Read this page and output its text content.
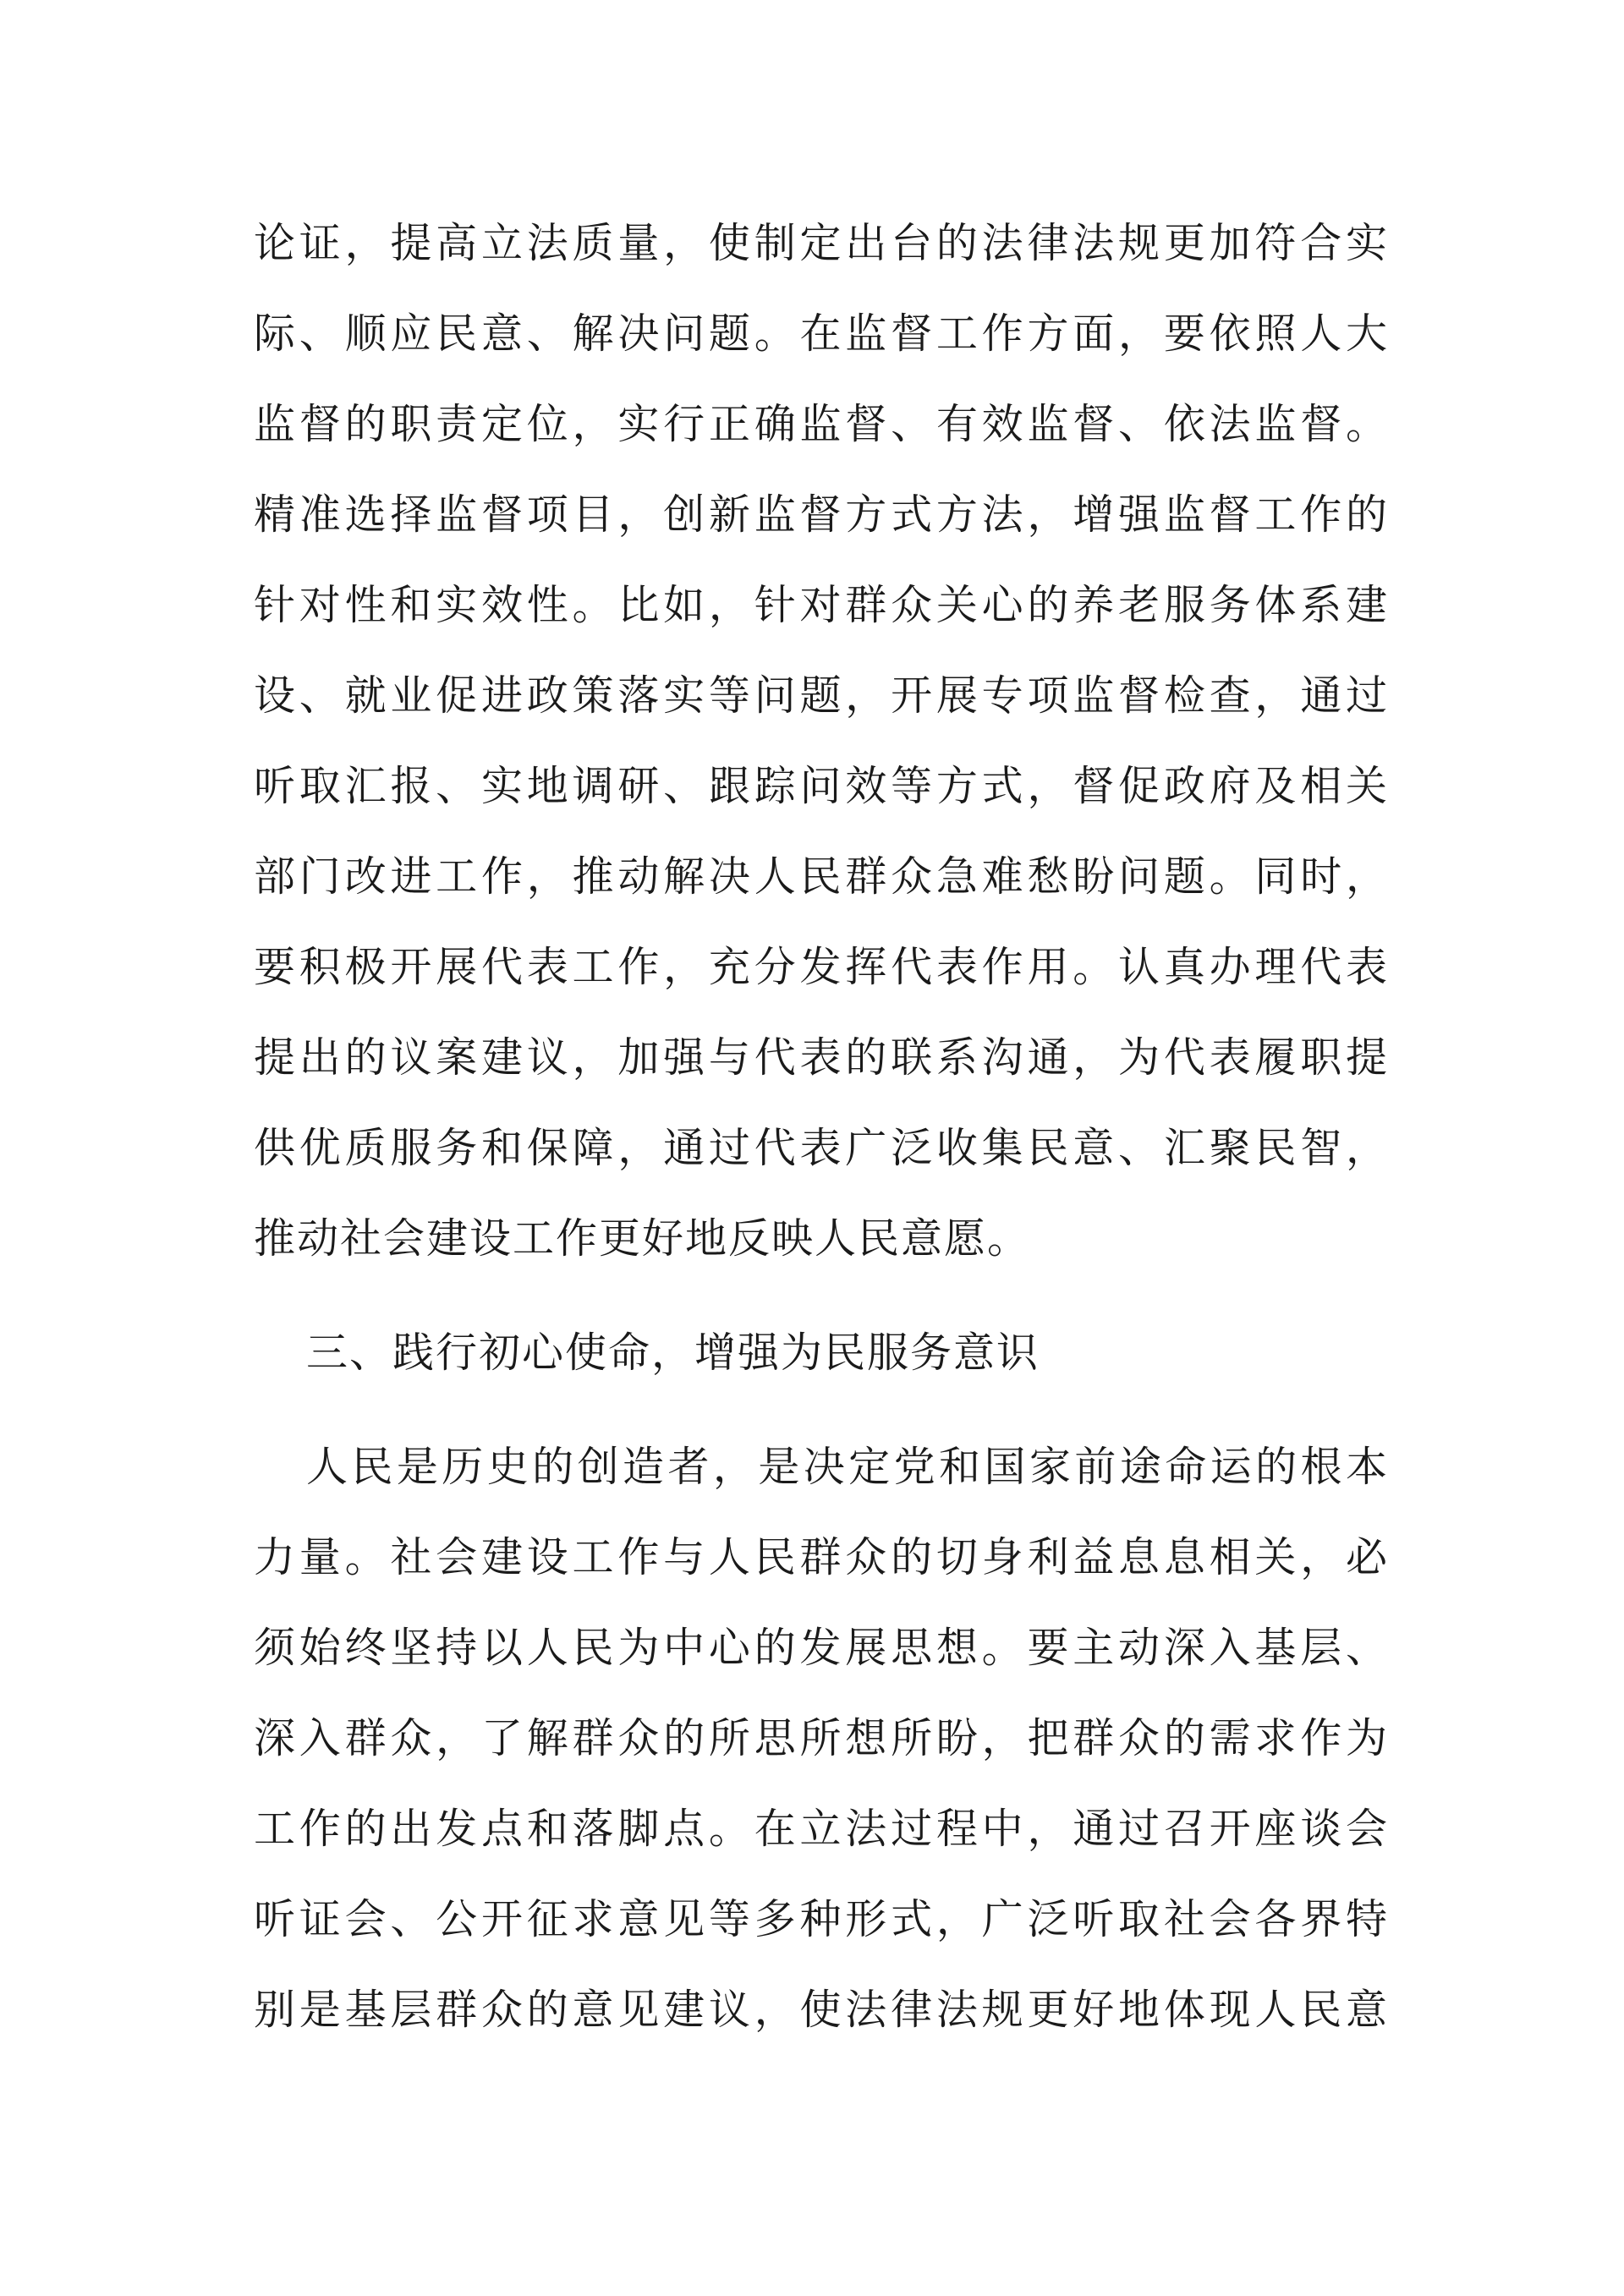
论证，提高立法质量，使制定出台的法律法规更加符合实
际、顺应民意、解决问题。在监督工作方面，要依照人大
监督的职责定位，实行正确监督、有效监督、依法监督。
精准选择监督项目，创新监督方式方法，增强监督工作的
针对性和实效性。比如，针对群众关心的养老服务体系建
设、就业促进政策落实等问题，开展专项监督检查，通过
听取汇报、实地调研、跟踪问效等方式，督促政府及相关
部门改进工作，推动解决人民群众急难愁盼问题。同时，
要积极开展代表工作，充分发挥代表作用。认真办理代表
提出的议案建议，加强与代表的联系沟通，为代表履职提
供优质服务和保障，通过代表广泛收集民意、汇聚民智，
推动社会建设工作更好地反映人民意愿。
三、践行初心使命，增强为民服务意识
人民是历史的创造者，是决定党和国家前途命运的根本
力量。社会建设工作与人民群众的切身利益息息相关，必
须始终坚持以人民为中心的发展思想。要主动深入基层、
深入群众，了解群众的所思所想所盼，把群众的需求作为
工作的出发点和落脚点。在立法过程中，通过召开座谈会
听证会、公开征求意见等多种形式，广泛听取社会各界特
别是基层群众的意见建议，使法律法规更好地体现人民意
